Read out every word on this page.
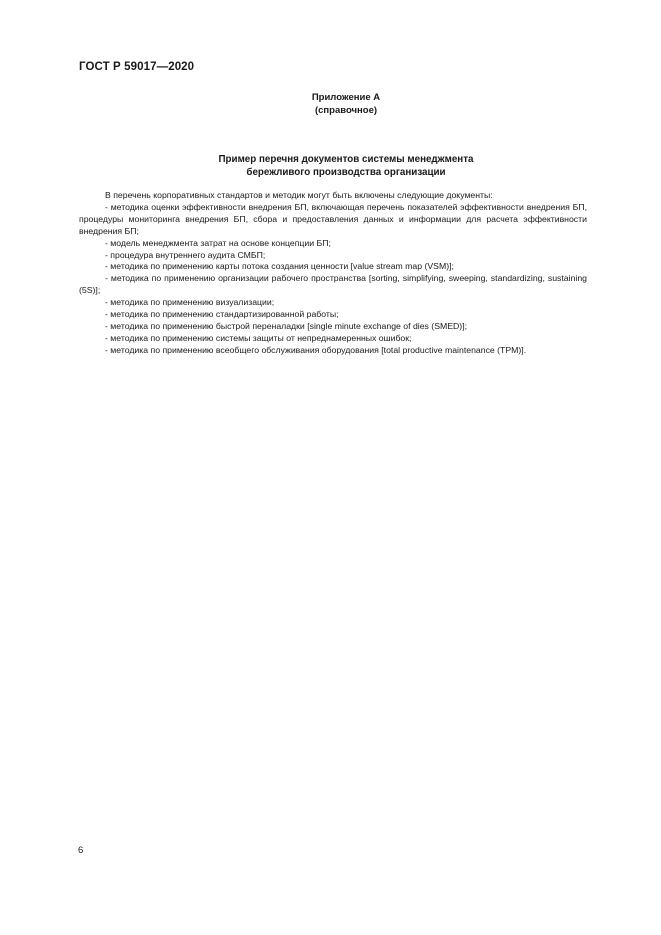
ГОСТ Р 59017—2020
Приложение А
(справочное)
Пример перечня документов системы менеджмента
бережливого производства организации

В перечень корпоративных стандартов и методик могут быть включены следующие документы:

- методика оценки эффективности внедрения БП, включающая перечень показателей эффективности внедрения БП, процедуры мониторинга внедрения БП, сбора и предоставления данных и информации для расчета эффективности внедрения БП;

- модель менеджмента затрат на основе концепции БП;

- процедура внутреннего аудита СМБП;

- методика по применению карты потока создания ценности [value stream map (VSM)];

- методика по применению организации рабочего пространства [sorting, simplifying, sweeping, standardizing, sustaining (5S)];

- методика по применению визуализации;

- методика по применению стандартизированной работы;

- методика по применению быстрой переналадки [single minute exchange of dies (SMED)];

- методика по применению системы защиты от непреднамеренных ошибок;

- методика по применению всеобщего обслуживания оборудования [total productive maintenance (TPM)].

6
